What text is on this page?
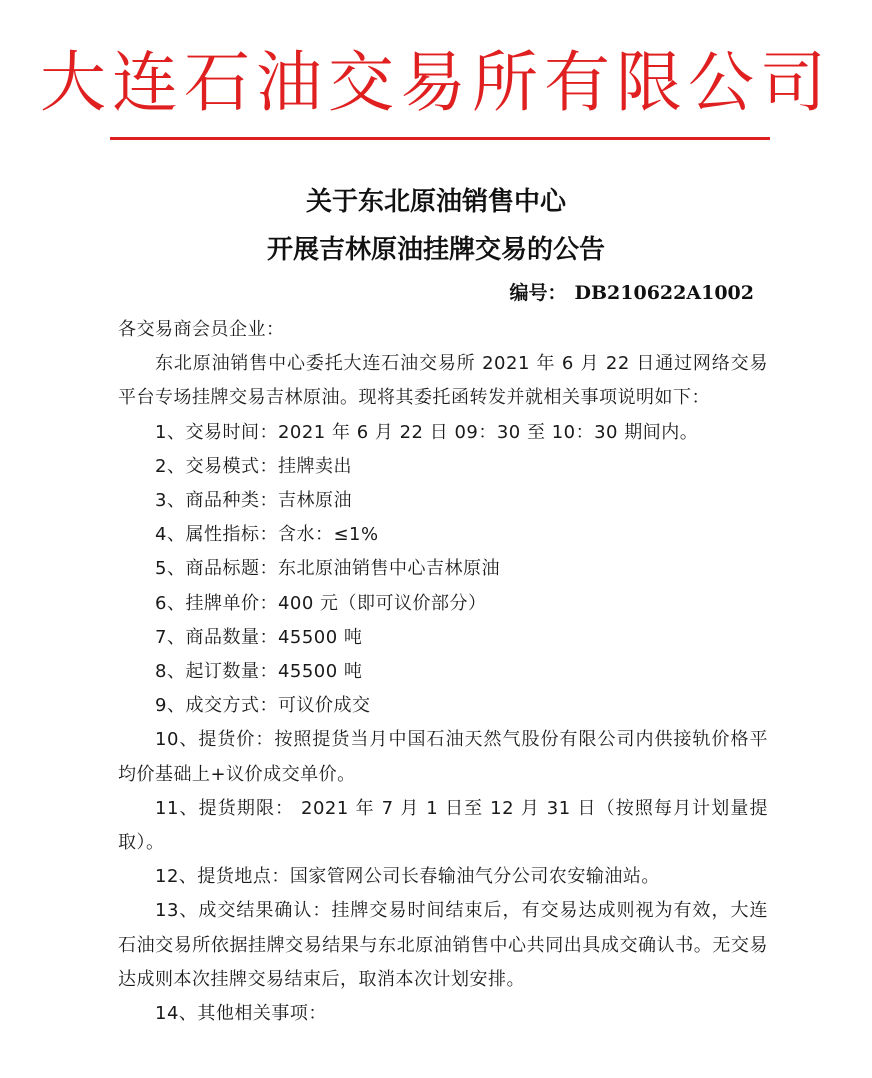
大连石油交易所有限公司
关于东北原油销售中心
开展吉林原油挂牌交易的公告
编号： DB210622A1002

各交易商会员企业：

东北原油销售中心委托大连石油交易所 2021 年 6 月 22 日通过网络交易平台专场挂牌交易吉林原油。现将其委托函转发并就相关事项说明如下：

1、交易时间：2021 年 6 月 22 日 09：30 至 10：30 期间内。

2、交易模式：挂牌卖出

3、商品种类：吉林原油

4、属性指标：含水：≤1%

5、商品标题：东北原油销售中心吉林原油

6、挂牌单价：400 元（即可议价部分）

7、商品数量：45500 吨

8、起订数量：45500 吨

9、成交方式：可议价成交

10、提货价：按照提货当月中国石油天然气股份有限公司内供接轨价格平均价基础上+议价成交单价。

11、提货期限： 2021 年 7 月 1 日至 12 月 31 日（按照每月计划量提取）。

12、提货地点：国家管网公司长春输油气分公司农安输油站。

13、成交结果确认：挂牌交易时间结束后，有交易达成则视为有效，大连石油交易所依据挂牌交易结果与东北原油销售中心共同出具成交确认书。无交易达成则本次挂牌交易结束后，取消本次计划安排。

14、其他相关事项：
